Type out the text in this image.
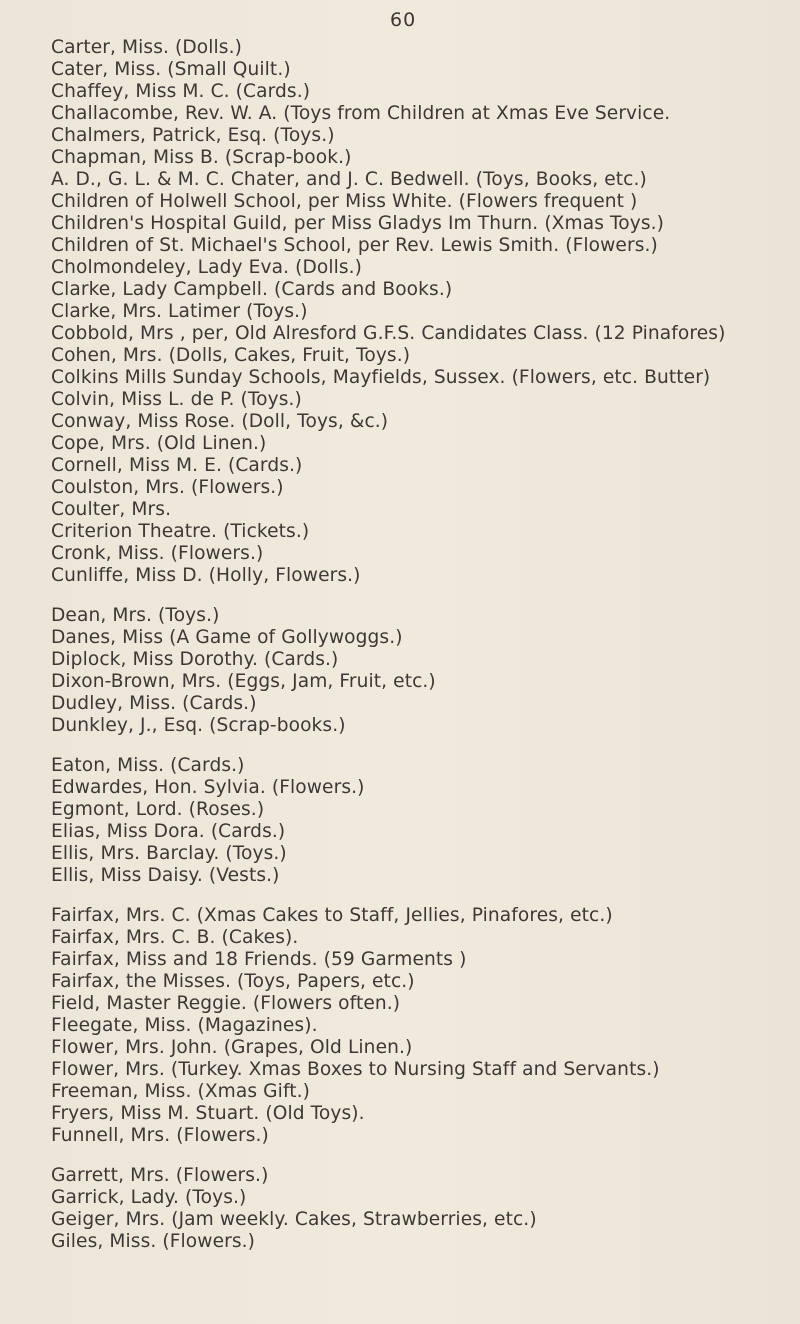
60
Carter, Miss. (Dolls.)
Cater, Miss. (Small Quilt.)
Chaffey, Miss M. C. (Cards.)
Challacombe, Rev. W. A. (Toys from Children at Xmas Eve Service.
Chalmers, Patrick, Esq. (Toys.)
Chapman, Miss B. (Scrap-book.)
A. D., G. L. & M. C. Chater, and J. C. Bedwell. (Toys, Books, etc.)
Children of Holwell School, per Miss White. (Flowers frequent )
Children's Hospital Guild, per Miss Gladys Im Thurn. (Xmas Toys.)
Children of St. Michael's School, per Rev. Lewis Smith. (Flowers.)
Cholmondeley, Lady Eva. (Dolls.)
Clarke, Lady Campbell. (Cards and Books.)
Clarke, Mrs. Latimer (Toys.)
Cobbold, Mrs , per, Old Alresford G.F.S. Candidates Class. (12 Pinafores)
Cohen, Mrs. (Dolls, Cakes, Fruit, Toys.)
Colkins Mills Sunday Schools, Mayfields, Sussex. (Flowers, etc. Butter)
Colvin, Miss L. de P. (Toys.)
Conway, Miss Rose. (Doll, Toys, &c.)
Cope, Mrs. (Old Linen.)
Cornell, Miss M. E. (Cards.)
Coulston, Mrs. (Flowers.)
Coulter, Mrs.
Criterion Theatre. (Tickets.)
Cronk, Miss. (Flowers.)
Cunliffe, Miss D. (Holly, Flowers.)
Dean, Mrs. (Toys.)
Danes, Miss (A Game of Gollywoggs.)
Diplock, Miss Dorothy. (Cards.)
Dixon-Brown, Mrs. (Eggs, Jam, Fruit, etc.)
Dudley, Miss. (Cards.)
Dunkley, J., Esq. (Scrap-books.)
Eaton, Miss. (Cards.)
Edwardes, Hon. Sylvia. (Flowers.)
Egmont, Lord. (Roses.)
Elias, Miss Dora. (Cards.)
Ellis, Mrs. Barclay. (Toys.)
Ellis, Miss Daisy. (Vests.)
Fairfax, Mrs. C. (Xmas Cakes to Staff, Jellies, Pinafores, etc.)
Fairfax, Mrs. C. B. (Cakes).
Fairfax, Miss and 18 Friends. (59 Garments )
Fairfax, the Misses. (Toys, Papers, etc.)
Field, Master Reggie. (Flowers often.)
Fleegate, Miss. (Magazines).
Flower, Mrs. John. (Grapes, Old Linen.)
Flower, Mrs. (Turkey. Xmas Boxes to Nursing Staff and Servants.)
Freeman, Miss. (Xmas Gift.)
Fryers, Miss M. Stuart. (Old Toys).
Funnell, Mrs. (Flowers.)
Garrett, Mrs. (Flowers.)
Garrick, Lady. (Toys.)
Geiger, Mrs. (Jam weekly. Cakes, Strawberries, etc.)
Giles, Miss. (Flowers.)
